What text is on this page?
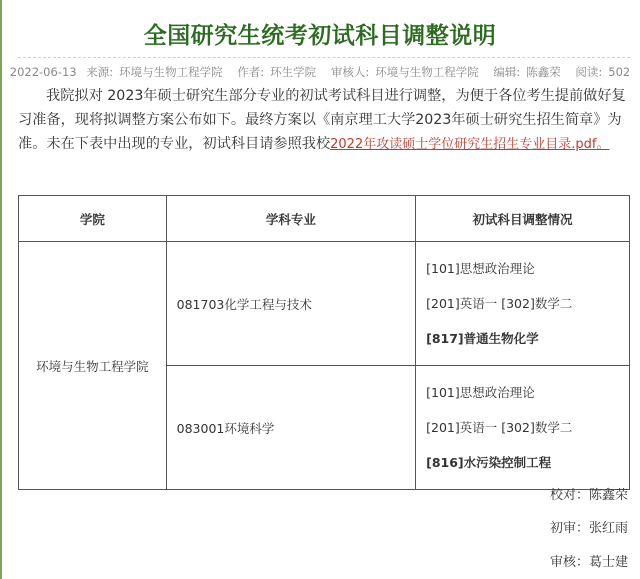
全国研究生统考初试科目调整说明
2022-06-13 来源: 环境与生物工程学院 作者: 环生学院 审核人: 环境与生物工程学院 编辑: 陈鑫荣 阅读: 502
我院拟对 2023年硕士研究生部分专业的初试考试科目进行调整，为便于各位考生提前做好复习准备，现将拟调整方案公布如下。最终方案以《南京理工大学2023年硕士研究生招生简章》为准。未在下表中出现的专业，初试科目请参照我校2022年攻读硕士学位研究生招生专业目录.pdf。
学院	学科专业	初试科目调整情况
环境与生物工程学院	081703化学工程与技术	[101]思想政治理论
[201]英语一 [302]数学二
[817]普通生物化学

	083001环境科学	[101]思想政治理论
[201]英语一 [302]数学二
[816]水污染控制工程
校对：陈鑫荣
初审：张红雨
审核：葛士建
